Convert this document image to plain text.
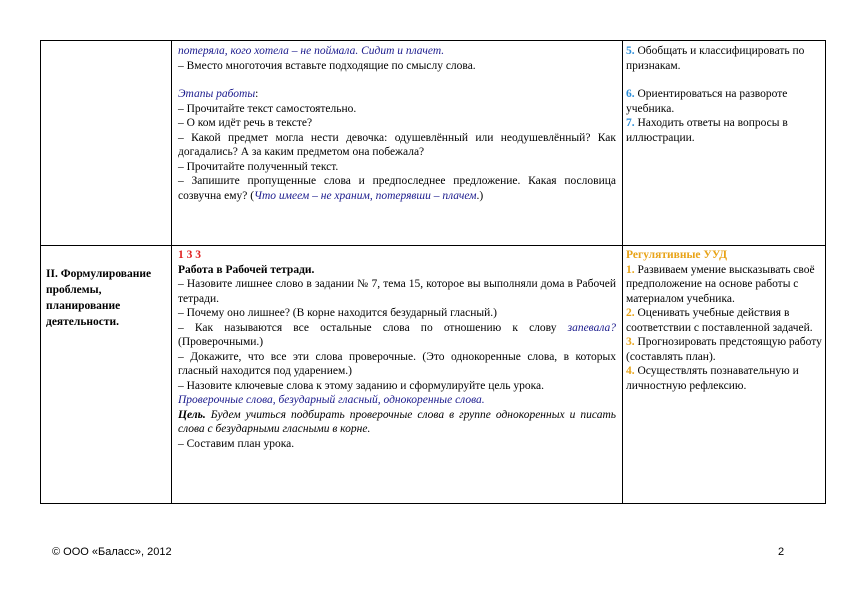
потеряла, кого хотела – не поймала. Сидит и плачет.

– Вместо многоточия вставьте подходящие по смыслу слова.

Этапы работы:

– Прочитайте текст самостоятельно.

– О ком идёт речь в тексте?

– Какой предмет могла нести девочка: одушевлённый или неодушевлённый? Как догадались? А за каким предметом она побежала?

– Прочитайте полученный текст.

– Запишите пропущенные слова и предпоследнее предложение. Какая пословица созвучна ему? (Что имеем – не храним, потерявши – плачем.)

5. Обобщать и классифицировать по признакам.

6. Ориентироваться на развороте учебника.

7. Находить ответы на вопросы в иллюстрации.

II. Формулирование проблемы, планирование деятельности.

1 3 3

Работа в Рабочей тетради.

– Назовите лишнее слово в задании № 7, тема 15, которое вы выполняли дома в Рабочей тетради.

– Почему оно лишнее? (В корне находится безударный гласный.)

– Как называются все остальные слова по отношению к слову запевала? (Проверочными.)

– Докажите, что все эти слова проверочные. (Это однокоренные слова, в которых гласный находится под ударением.)

– Назовите ключевые слова к этому заданию и сформулируйте цель урока.

Проверочные слова, безударный гласный, однокоренные слова.

Цель. Будем учиться подбирать проверочные слова в группе однокоренных и писать слова с безударными гласными в корне.

– Составим план урока.

Регулятивные УУД

1. Развиваем умение высказывать своё предположение на основе работы с материалом учебника.

2. Оценивать учебные действия в соответствии с поставленной задачей.

3. Прогнозировать предстоящую работу (составлять план).

4. Осуществлять познавательную и личностную рефлексию.

© ООО «Баласс», 2012	2
